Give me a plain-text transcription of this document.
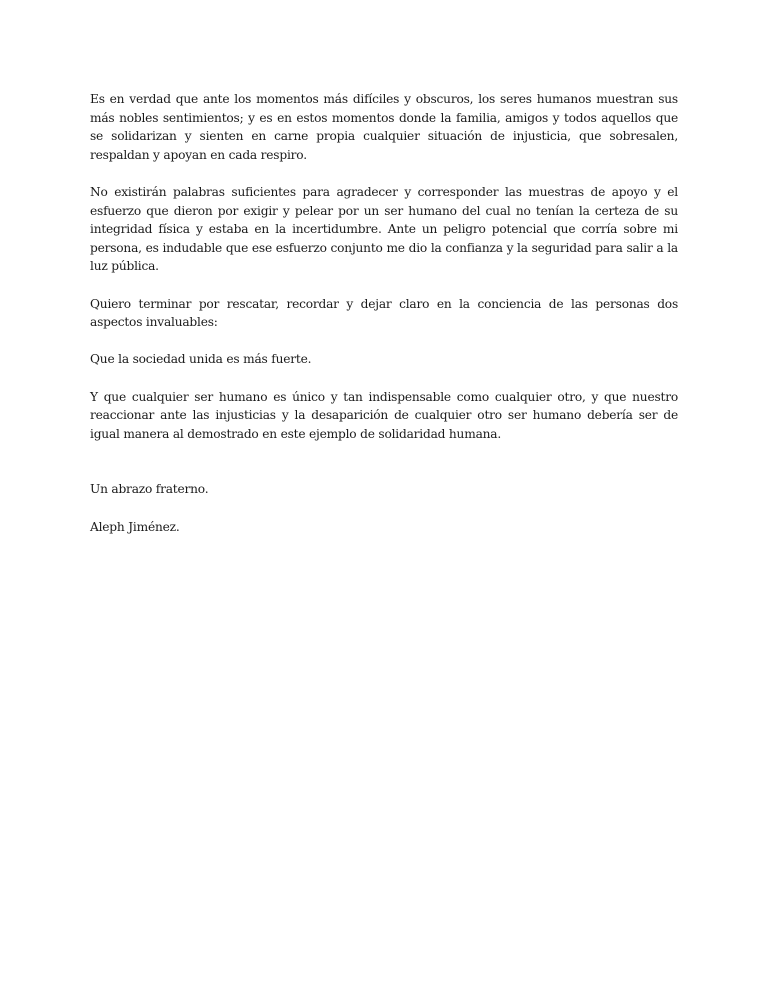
Es en verdad que ante los momentos más difíciles y obscuros, los seres humanos muestran sus más nobles sentimientos; y es en estos momentos donde la familia, amigos y todos aquellos que se solidarizan y sienten en carne propia cualquier situación de injusticia, que sobresalen, respaldan y apoyan en cada respiro.

No existirán palabras suficientes para agradecer y corresponder las muestras de apoyo y el esfuerzo que dieron por exigir y pelear por un ser humano del cual no tenían la certeza de su integridad física y estaba en la incertidumbre. Ante un peligro potencial que corría sobre mi persona, es indudable que ese esfuerzo conjunto me dio la confianza y la seguridad para salir a la luz pública.

Quiero terminar por rescatar, recordar y dejar claro en la conciencia de las personas dos aspectos invaluables:

Que la sociedad unida es más fuerte.

Y que cualquier ser humano es único y tan indispensable como cualquier otro, y que nuestro reaccionar ante las injusticias y la desaparición de cualquier otro ser humano debería ser de igual manera al demostrado en este ejemplo de solidaridad humana.

Un abrazo fraterno.

Aleph Jiménez.
